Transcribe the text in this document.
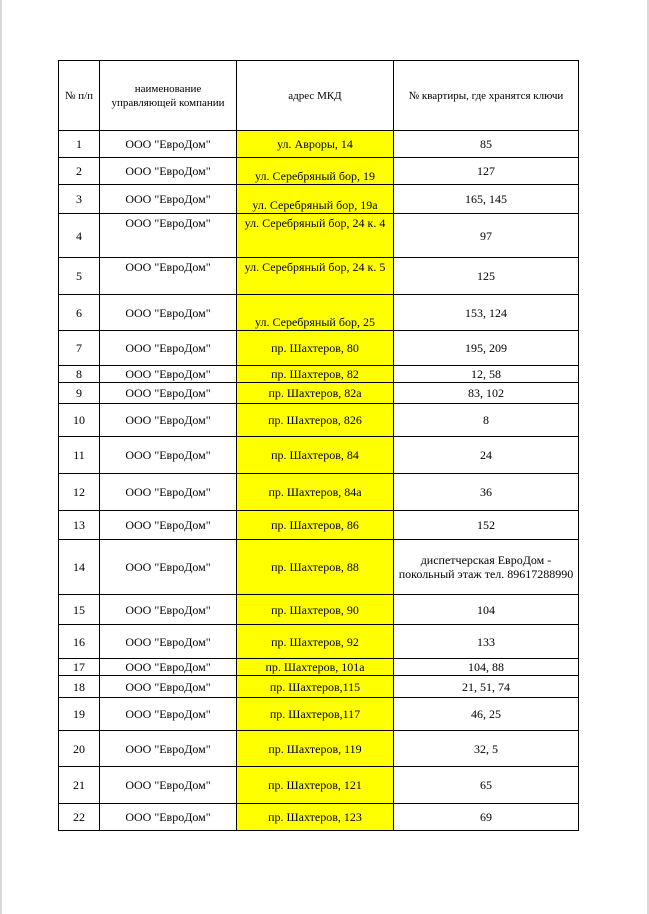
№ п/п	наименование управляющей компании	адрес МКД	№ квартиры, где хранятся ключи
1	ООО "ЕвроДом"	ул. Авроры, 14	85
2	ООО "ЕвроДом"	ул. Серебряный бор, 19	127
3	ООО "ЕвроДом"	ул. Серебряный бор, 19а	165, 145
4	ООО "ЕвроДом"	ул. Серебряный бор, 24 к. 4	97
5	ООО "ЕвроДом"	ул. Серебряный бор, 24 к. 5	125
6	ООО "ЕвроДом"	ул. Серебряный бор, 25	153, 124
7	ООО "ЕвроДом"	пр. Шахтеров, 80	195, 209
8	ООО "ЕвроДом"	пр. Шахтеров, 82	12, 58
9	ООО "ЕвроДом"	пр. Шахтеров, 82а	83, 102
10	ООО "ЕвроДом"	пр. Шахтеров, 826	8
11	ООО "ЕвроДом"	пр. Шахтеров, 84	24
12	ООО "ЕвроДом"	пр. Шахтеров, 84а	36
13	ООО "ЕвроДом"	пр. Шахтеров, 86	152
14	ООО "ЕвроДом"	пр. Шахтеров, 88	диспетчерская ЕвроДом - покольный этаж тел. 89617288990
15	ООО "ЕвроДом"	пр. Шахтеров, 90	104
16	ООО "ЕвроДом"	пр. Шахтеров, 92	133
17	ООО "ЕвроДом"	пр. Шахтеров, 101а	104, 88
18	ООО "ЕвроДом"	пр. Шахтеров,115	21, 51, 74
19	ООО "ЕвроДом"	пр. Шахтеров,117	46, 25
20	ООО "ЕвроДом"	пр. Шахтеров, 119	32, 5
21	ООО "ЕвроДом"	пр. Шахтеров, 121	65
22	ООО "ЕвроДом"	пр. Шахтеров, 123	69
